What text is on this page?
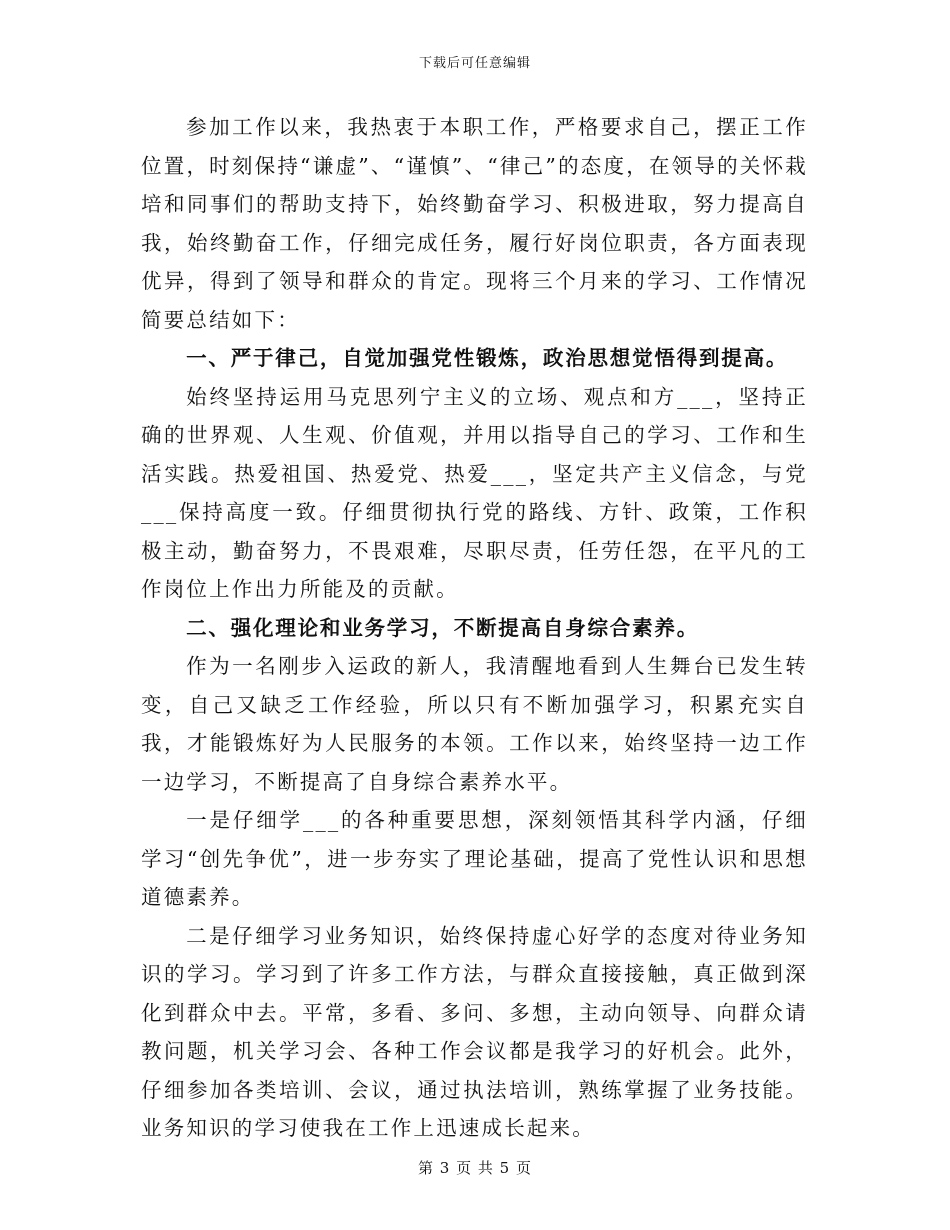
下载后可任意编辑

参加工作以来，我热衷于本职工作，严格要求自己，摆正工作位置，时刻保持“谦虚”、“谨慎”、“律己”的态度，在领导的关怀栽培和同事们的帮助支持下，始终勤奋学习、积极进取，努力提高自我，始终勤奋工作，仔细完成任务，履行好岗位职责，各方面表现优异，得到了领导和群众的肯定。现将三个月来的学习、工作情况简要总结如下：

一、严于律己，自觉加强党性锻炼，政治思想觉悟得到提高。

始终坚持运用马克思列宁主义的立场、观点和方___，坚持正确的世界观、人生观、价值观，并用以指导自己的学习、工作和生活实践。热爱祖国、热爱党、热爱___，坚定共产主义信念，与党___保持高度一致。仔细贯彻执行党的路线、方针、政策，工作积极主动，勤奋努力，不畏艰难，尽职尽责，任劳任怨，在平凡的工作岗位上作出力所能及的贡献。

二、强化理论和业务学习，不断提高自身综合素养。

作为一名刚步入运政的新人，我清醒地看到人生舞台已发生转变，自己又缺乏工作经验，所以只有不断加强学习，积累充实自我，才能锻炼好为人民服务的本领。工作以来，始终坚持一边工作一边学习，不断提高了自身综合素养水平。

一是仔细学___的各种重要思想，深刻领悟其科学内涵，仔细学习“创先争优”，进一步夯实了理论基础，提高了党性认识和思想道德素养。

二是仔细学习业务知识，始终保持虚心好学的态度对待业务知识的学习。学习到了许多工作方法，与群众直接接触，真正做到深化到群众中去。平常，多看、多问、多想，主动向领导、向群众请教问题，机关学习会、各种工作会议都是我学习的好机会。此外，仔细参加各类培训、会议，通过执法培训，熟练掌握了业务技能。业务知识的学习使我在工作上迅速成长起来。

第 3 页 共 5 页
